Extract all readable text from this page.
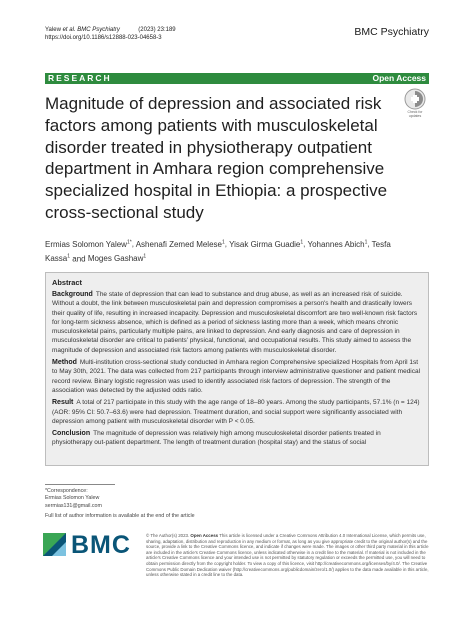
Yalew et al. BMC Psychiatry	(2023) 23:189
https://doi.org/10.1186/s12888-023-04658-3	BMC Psychiatry
RESEARCH	Open Access
Magnitude of depression and associated risk factors among patients with musculoskeletal disorder treated in physiotherapy outpatient department in Amhara region comprehensive specialized hospital in Ethiopia: a prospective cross-sectional study
Check for updates
Ermias Solomon Yalew$^{1*}$, Ashenafi Zemed Melese$^1$, Yisak Girma Guadie$^1$, Yohannes Abich$^1$, Tesfa Kassa$^1$ and Moges Gashaw$^1$
Abstract

Background The state of depression that can lead to substance and drug abuse, as well as an increased risk of suicide. Without a doubt, the link between musculoskeletal pain and depression compromises a person's health and drastically lowers their quality of life, resulting in increased incapacity. Depression and musculoskeletal discomfort are two well-known risk factors for long-term sickness absence, which is defined as a period of sickness lasting more than a week, which means chronic musculoskeletal pains, particularly multiple pains, are linked to depression. And early diagnosis and care of depression in musculoskeletal disorder are critical to patients' physical, functional, and occupational results. This study aimed to assess the magnitude of depression and associated risk factors among patients with musculoskeletal disorder.

Method Multi-institution cross-sectional study conducted in Amhara region Comprehensive specialized Hospitals from April 1st to May 30th, 2021. The data was collected from 217 participants through interview administrative questioner and patient medical record review. Binary logistic regression was used to identify associated risk factors of depression. The strength of the association was detected by the adjusted odds ratio.

Result A total of 217 participate in this study with the age range of 18–80 years. Among the study participants, 57.1% (n = 124) (AOR: 95% CI: 50.7–63.6) were had depression. Treatment duration, and social support were significantly associated with depression among patient with musculoskeletal disorder with P < 0.05.

Conclusion The magnitude of depression was relatively high among musculoskeletal disorder patients treated in physiotherapy out-patient department. The length of treatment duration (hospital stay) and the status of social

*Correspondence:
Ermias Solomon Yalew
sermias131@gmail.com
Full list of author information is available at the end of the article
BMC	© The Author(s) 2023. Open Access This article is licensed under a Creative Commons Attribution 4.0 International License, which permits use, sharing, adaptation, distribution and reproduction in any medium or format, as long as you give appropriate credit to the original author(s) and the source, provide a link to the Creative Commons licence, and indicate if changes were made. The images or other third party material in this article are included in the article's Creative Commons licence, unless indicated otherwise in a credit line to the material. If material is not included in the article's Creative Commons licence and your intended use is not permitted by statutory regulation or exceeds the permitted use, you will need to obtain permission directly from the copyright holder. To view a copy of this licence, visit http://creativecommons.org/licenses/by/4.0/. The Creative Commons Public Domain Dedication waiver (http://creativecommons.org/publicdomain/zero/1.0/) applies to the data made available in this article, unless otherwise stated in a credit line to the data.
